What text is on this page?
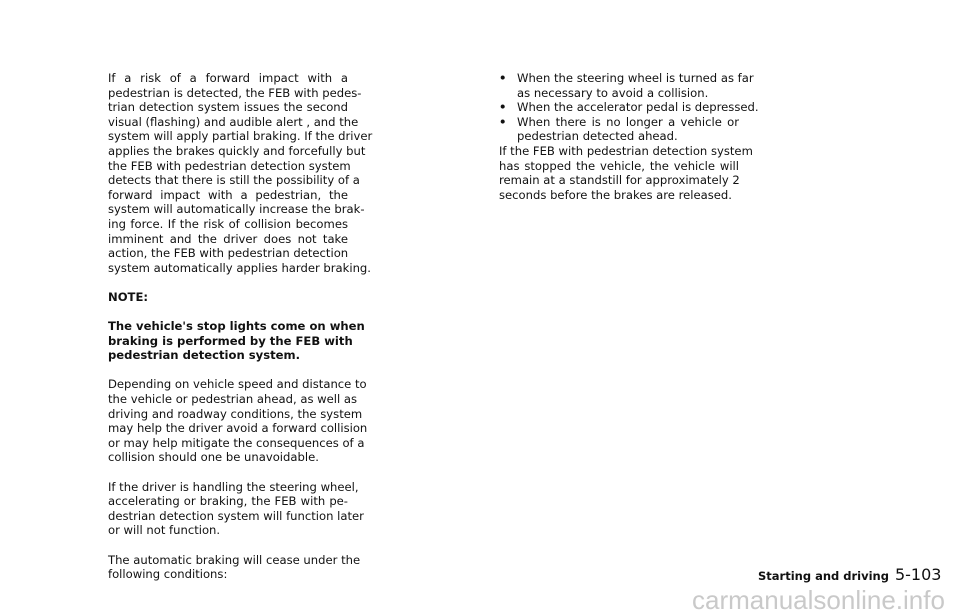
If a risk of a forward impact with a
pedestrian is detected, the FEB with pedes-
trian detection system issues the second
visual (flashing) and audible alert , and the
system will apply partial braking. If the driver
applies the brakes quickly and forcefully but
the FEB with pedestrian detection system
detects that there is still the possibility of a
forward impact with a pedestrian, the
system will automatically increase the brak-
ing force. If the risk of collision becomes
imminent and the driver does not take
action, the FEB with pedestrian detection
system automatically applies harder braking.
NOTE:
The vehicle's stop lights come on when
braking is performed by the FEB with
pedestrian detection system.
Depending on vehicle speed and distance to
the vehicle or pedestrian ahead, as well as
driving and roadway conditions, the system
may help the driver avoid a forward collision
or may help mitigate the consequences of a
collision should one be unavoidable.
If the driver is handling the steering wheel,
accelerating or braking, the FEB with pe-
destrian detection system will function later
or will not function.
The automatic braking will cease under the
following conditions:
• When the steering wheel is turned as far
as necessary to avoid a collision.
• When the accelerator pedal is depressed.
• When there is no longer a vehicle or
pedestrian detected ahead.
If the FEB with pedestrian detection system
has stopped the vehicle, the vehicle will
remain at a standstill for approximately 2
seconds before the brakes are released.
Starting and driving 5-103
carmanualsonline.info
